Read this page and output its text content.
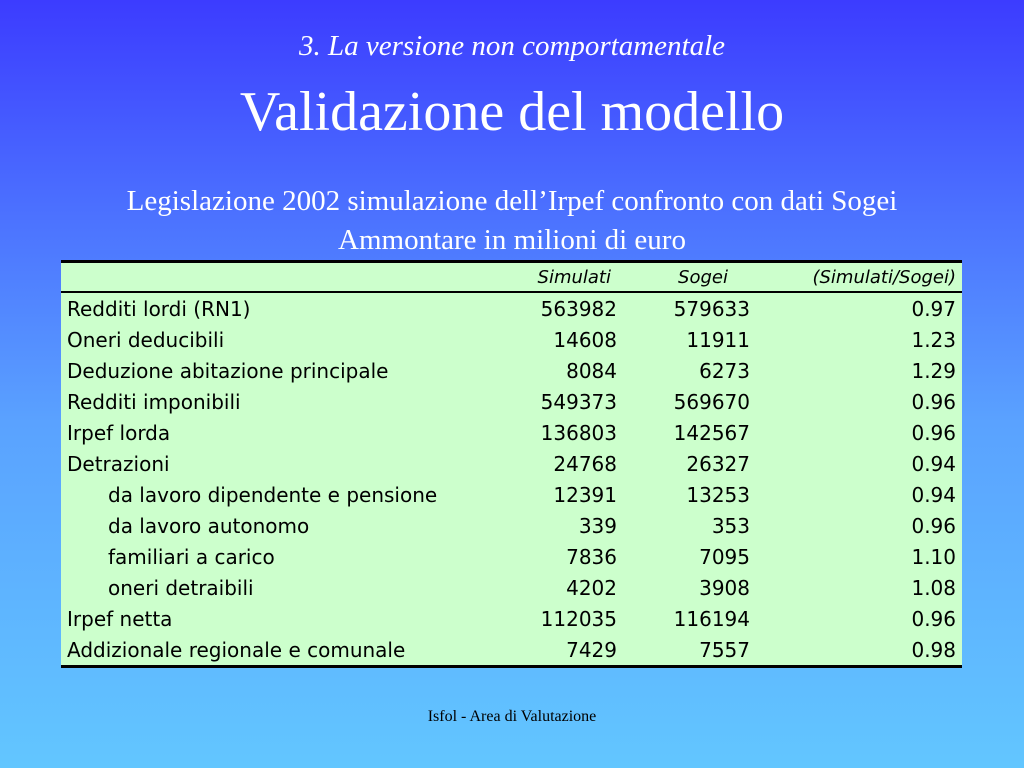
3. La versione non comportamentale
Validazione del modello
Legislazione 2002 simulazione dell’Irpef confronto con dati Sogei
Ammontare in milioni di euro
	Simulati	Sogei	(Simulati/Sogei)
Redditi lordi (RN1)	563982	579633	0.97
Oneri deducibili	14608	11911	1.23
Deduzione abitazione principale	8084	6273	1.29
Redditi imponibili	549373	569670	0.96
Irpef lorda	136803	142567	0.96
Detrazioni	24768	26327	0.94
da lavoro dipendente e pensione	12391	13253	0.94
da lavoro autonomo	339	353	0.96
familiari a carico	7836	7095	1.10
oneri detraibili	4202	3908	1.08
Irpef netta	112035	116194	0.96
Addizionale regionale e comunale	7429	7557	0.98
Isfol - Area di Valutazione
